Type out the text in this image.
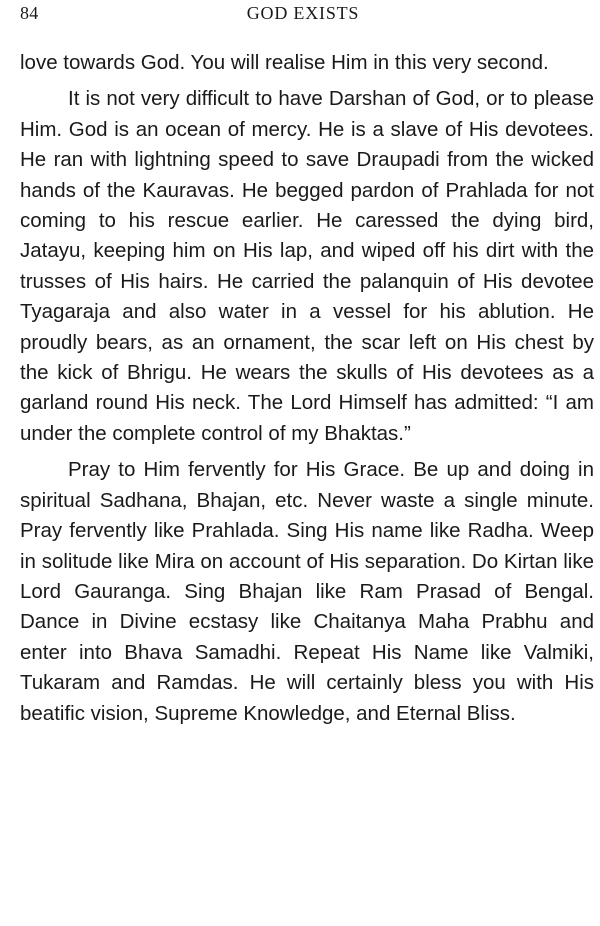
84	GOD EXISTS

love towards God. You will realise Him in this very second.

It is not very difficult to have Darshan of God, or to please Him. God is an ocean of mercy. He is a slave of His devotees. He ran with lightning speed to save Draupadi from the wicked hands of the Kauravas. He begged pardon of Prahlada for not coming to his rescue earlier. He caressed the dying bird, Jatayu, keeping him on His lap, and wiped off his dirt with the trusses of His hairs. He carried the palanquin of His devotee Tyagaraja and also water in a vessel for his ablution. He proudly bears, as an ornament, the scar left on His chest by the kick of Bhrigu. He wears the skulls of His devotees as a garland round His neck. The Lord Himself has admitted: “I am under the complete control of my Bhaktas.”

Pray to Him fervently for His Grace. Be up and doing in spiritual Sadhana, Bhajan, etc. Never waste a single minute. Pray fervently like Prahlada. Sing His name like Radha. Weep in solitude like Mira on account of His separation. Do Kirtan like Lord Gauranga. Sing Bhajan like Ram Prasad of Bengal. Dance in Divine ecstasy like Chaitanya Maha Prabhu and enter into Bhava Samadhi. Repeat His Name like Valmiki, Tukaram and Ramdas. He will certainly bless you with His beatific vision, Supreme Knowledge, and Eternal Bliss.
